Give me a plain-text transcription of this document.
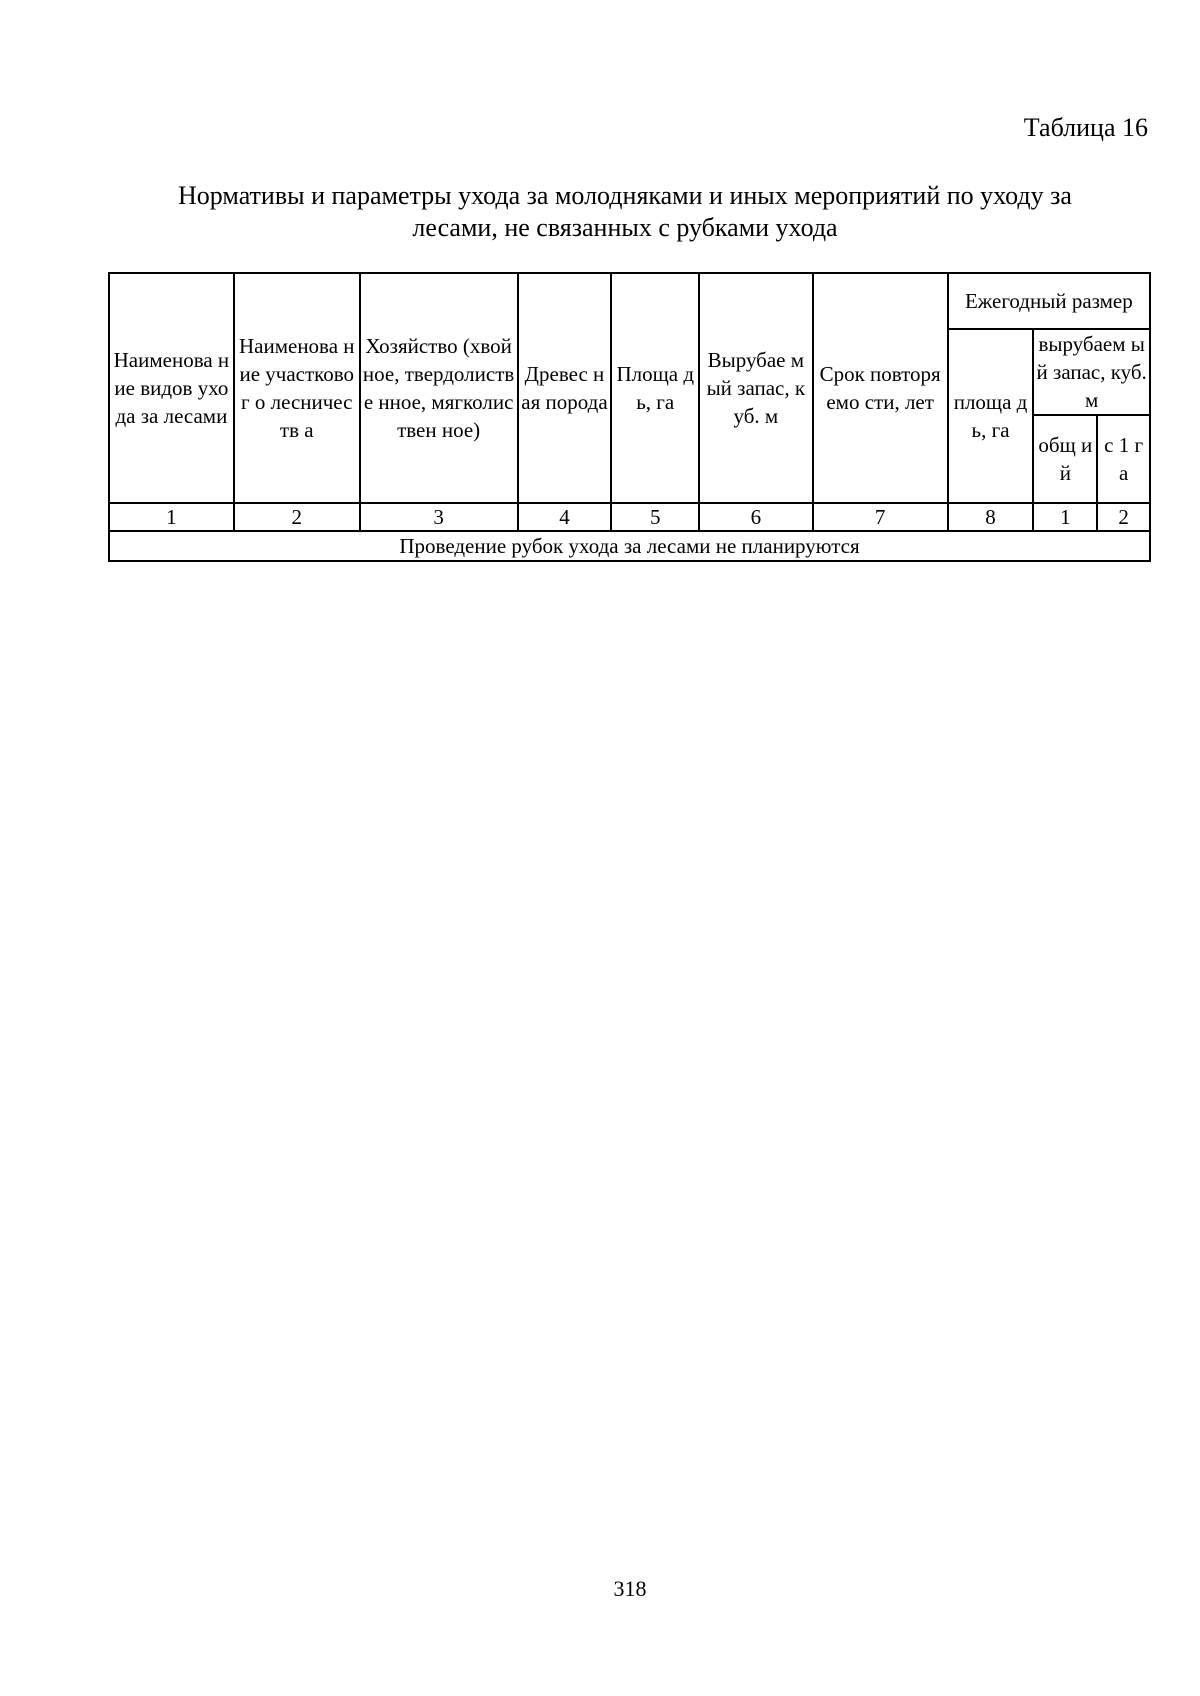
Таблица 16
Нормативы и параметры ухода за молодняками и иных мероприятий по уходу за
лесами, не связанных с рубками ухода
Наименова ние видов ухода за лесами	Наименова ние участковог о лесничеств а	Хозяйство (хвойное, твердолистве нное, мягколиствен ное)	Древес ная порода	Площа дь, га	Вырубае мый запас, куб. м	Срок повторяемо сти, лет	Ежегодный размер		
							площа дь, га	вырубаем ый запас, куб. м	
								общ ий	с 1 га
1	2	3	4	5	6	7	8	1	2
Проведение рубок ухода за лесами не планируются									
318
